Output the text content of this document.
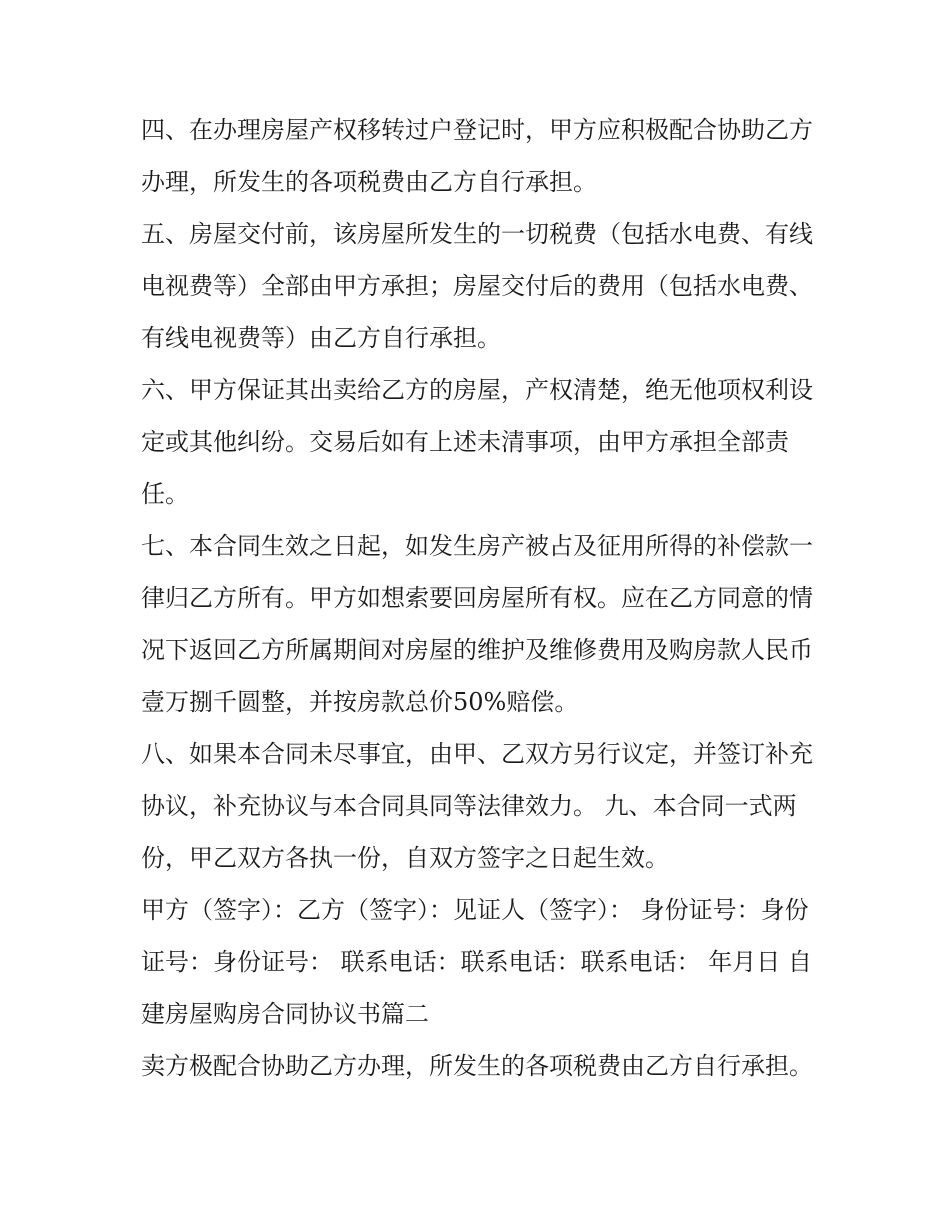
四、在办理房屋产权移转过户登记时，甲方应积极配合协助乙方办理，所发生的各项税费由乙方自行承担。

五、房屋交付前，该房屋所发生的一切税费（包括水电费、有线电视费等）全部由甲方承担；房屋交付后的费用（包括水电费、有线电视费等）由乙方自行承担。

六、甲方保证其出卖给乙方的房屋，产权清楚，绝无他项权利设定或其他纠纷。交易后如有上述未清事项，由甲方承担全部责任。

七、本合同生效之日起，如发生房产被占及征用所得的补偿款一律归乙方所有。甲方如想索要回房屋所有权。应在乙方同意的情况下返回乙方所属期间对房屋的维护及维修费用及购房款人民币壹万捌千圆整，并按房款总价50%赔偿。

八、如果本合同未尽事宜，由甲、乙双方另行议定，并签订补充协议，补充协议与本合同具同等法律效力。 九、本合同一式两份，甲乙双方各执一份，自双方签字之日起生效。

甲方（签字）：乙方（签字）：见证人（签字）： 身份证号：身份证号：身份证号： 联系电话：联系电话：联系电话： 年月日 自建房屋购房合同协议书篇二

卖方极配合协助乙方办理，所发生的各项税费由乙方自行承担。
